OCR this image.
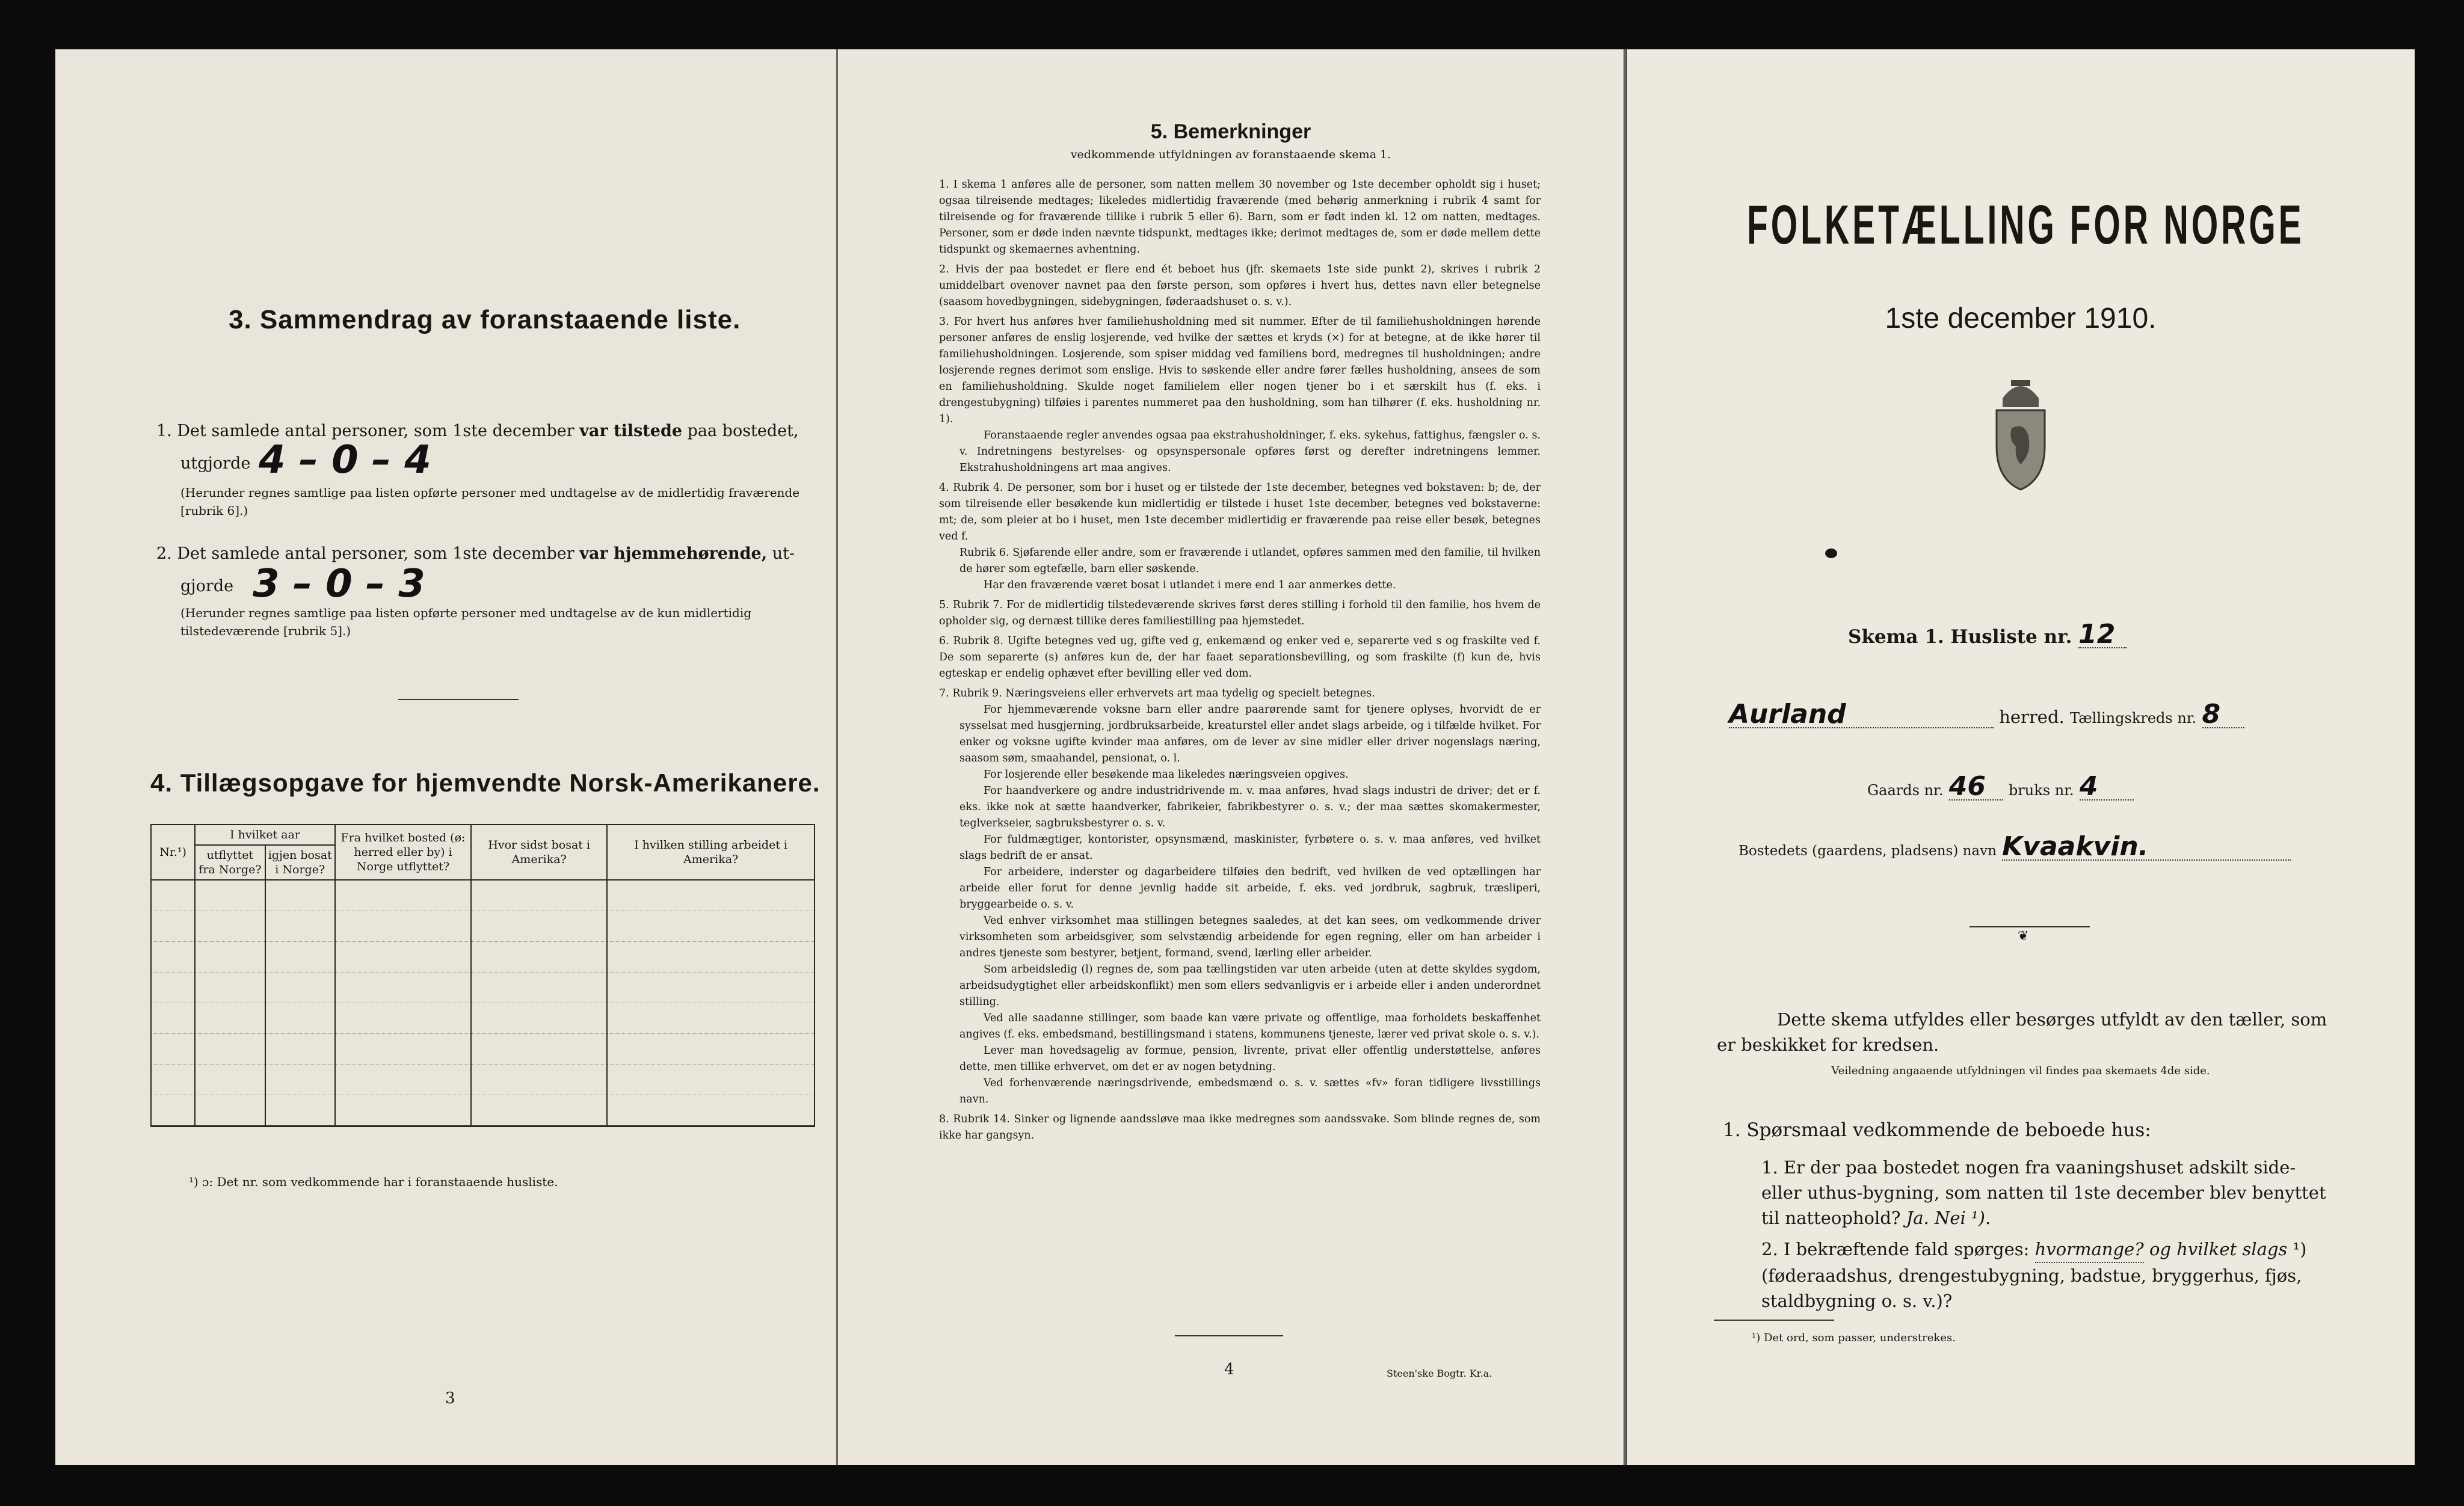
3. Sammendrag av foranstaaende liste.
1. Det samlede antal personer, som 1ste december var tilstede paa bostedet,
utgjorde 4 – 0 – 4
(Herunder regnes samtlige paa listen opførte personer med undtagelse av de midlertidig fraværende [rubrik 6].)
2. Det samlede antal personer, som 1ste december var hjemmehørende, ut-
gjorde 3 – 0 – 3
(Herunder regnes samtlige paa listen opførte personer med undtagelse av de kun midlertidig tilstedeværende [rubrik 5].)
4. Tillægsopgave for hjemvendte Norsk-Amerikanere.
Nr.¹)	I hvilket aar		Fra hvilket bosted (ø: herred eller by) i Norge utflyttet?	Hvor sidst bosat i Amerika?	I hvilken stilling arbeidet i Amerika?
	utflyttet fra Norge?	igjen bosat i Norge?			

¹) ɔ: Det nr. som vedkommende har i foranstaaende husliste.
3
5. Bemerkninger
vedkommende utfyldningen av foranstaaende skema 1.

1. I skema 1 anføres alle de personer, som natten mellem 30 november og 1ste december opholdt sig i huset; ogsaa tilreisende medtages; likeledes midlertidig fraværende (med behørig anmerkning i rubrik 4 samt for tilreisende og for fraværende tillike i rubrik 5 eller 6). Barn, som er født inden kl. 12 om natten, medtages. Personer, som er døde inden nævnte tidspunkt, medtages ikke; derimot medtages de, som er døde mellem dette tidspunkt og skemaernes avhentning.

2. Hvis der paa bostedet er flere end ét beboet hus (jfr. skemaets 1ste side punkt 2), skrives i rubrik 2 umiddelbart ovenover navnet paa den første person, som opføres i hvert hus, dettes navn eller betegnelse (saasom hovedbygningen, sidebygningen, føderaadshuset o. s. v.).

3. For hvert hus anføres hver familiehusholdning med sit nummer. Efter de til familiehusholdningen hørende personer anføres de enslig losjerende, ved hvilke der sættes et kryds (×) for at betegne, at de ikke hører til familiehusholdningen. Losjerende, som spiser middag ved familiens bord, medregnes til husholdningen; andre losjerende regnes derimot som enslige. Hvis to søskende eller andre fører fælles husholdning, ansees de som en familiehusholdning. Skulde noget familielem eller nogen tjener bo i et særskilt hus (f. eks. i drengestubygning) tilføies i parentes nummeret paa den husholdning, som han tilhører (f. eks. husholdning nr. 1).

Foranstaaende regler anvendes ogsaa paa ekstrahusholdninger, f. eks. sykehus, fattighus, fængsler o. s. v. Indretningens bestyrelses- og opsynspersonale opføres først og derefter indretningens lemmer. Ekstrahusholdningens art maa angives.

4. Rubrik 4. De personer, som bor i huset og er tilstede der 1ste december, betegnes ved bokstaven: b; de, der som tilreisende eller besøkende kun midlertidig er tilstede i huset 1ste december, betegnes ved bokstaverne: mt; de, som pleier at bo i huset, men 1ste december midlertidig er fraværende paa reise eller besøk, betegnes ved f.

Rubrik 6. Sjøfarende eller andre, som er fraværende i utlandet, opføres sammen med den familie, til hvilken de hører som egtefælle, barn eller søskende.

Har den fraværende været bosat i utlandet i mere end 1 aar anmerkes dette.

5. Rubrik 7. For de midlertidig tilstedeværende skrives først deres stilling i forhold til den familie, hos hvem de opholder sig, og dernæst tillike deres familiestilling paa hjemstedet.

6. Rubrik 8. Ugifte betegnes ved ug, gifte ved g, enkemænd og enker ved e, separerte ved s og fraskilte ved f. De som separerte (s) anføres kun de, der har faaet separationsbevilling, og som fraskilte (f) kun de, hvis egteskap er endelig ophævet efter bevilling eller ved dom.

7. Rubrik 9. Næringsveiens eller erhvervets art maa tydelig og specielt betegnes.

For hjemmeværende voksne barn eller andre paarørende samt for tjenere oplyses, hvorvidt de er sysselsat med husgjerning, jordbruksarbeide, kreaturstel eller andet slags arbeide, og i tilfælde hvilket. For enker og voksne ugifte kvinder maa anføres, om de lever av sine midler eller driver nogenslags næring, saasom søm, smaahandel, pensionat, o. l.

For losjerende eller besøkende maa likeledes næringsveien opgives.

For haandverkere og andre industridrivende m. v. maa anføres, hvad slags industri de driver; det er f. eks. ikke nok at sætte haandverker, fabrikeier, fabrikbestyrer o. s. v.; der maa sættes skomakermester, teglverkseier, sagbruksbestyrer o. s. v.

For fuldmægtiger, kontorister, opsynsmænd, maskinister, fyrbøtere o. s. v. maa anføres, ved hvilket slags bedrift de er ansat.

For arbeidere, inderster og dagarbeidere tilføies den bedrift, ved hvilken de ved optællingen har arbeide eller forut for denne jevnlig hadde sit arbeide, f. eks. ved jordbruk, sagbruk, træsliperi, bryggearbeide o. s. v.

Ved enhver virksomhet maa stillingen betegnes saaledes, at det kan sees, om vedkommende driver virksomheten som arbeidsgiver, som selvstændig arbeidende for egen regning, eller om han arbeider i andres tjeneste som bestyrer, betjent, formand, svend, lærling eller arbeider.

Som arbeidsledig (l) regnes de, som paa tællingstiden var uten arbeide (uten at dette skyldes sygdom, arbeidsudygtighet eller arbeidskonflikt) men som ellers sedvanligvis er i arbeide eller i anden underordnet stilling.

Ved alle saadanne stillinger, som baade kan være private og offentlige, maa forholdets beskaffenhet angives (f. eks. embedsmand, bestillingsmand i statens, kommunens tjeneste, lærer ved privat skole o. s. v.).

Lever man hovedsagelig av formue, pension, livrente, privat eller offentlig understøttelse, anføres dette, men tillike erhvervet, om det er av nogen betydning.

Ved forhenværende næringsdrivende, embedsmænd o. s. v. sættes «fv» foran tidligere livsstillings navn.

8. Rubrik 14. Sinker og lignende aandssløve maa ikke medregnes som aandssvake. Som blinde regnes de, som ikke har gangsyn.

4	Steen'ske Bogtr. Kr.a.
FOLKETÆLLING FOR NORGE
1ste december 1910.
Skema 1. Husliste nr. 12
Aurland	herred. Tællingskreds nr. 8
Gaards nr. 46 bruks nr. 4
Bostedets (gaardens, pladsens) navn Kvaakvin.
❦
Dette skema utfyldes eller besørges utfyldt av den tæller, som er beskikket for kredsen.
Veiledning angaaende utfyldningen vil findes paa skemaets 4de side.
1. Spørsmaal vedkommende de beboede hus:
1. Er der paa bostedet nogen fra vaaningshuset adskilt side- eller uthus-bygning, som natten til 1ste december blev benyttet til natteophold? Ja. Nei ¹).
2. I bekræftende fald spørges: hvormange? og hvilket slags ¹) (føderaadshus, drengestubygning, badstue, bryggerhus, fjøs, staldbygning o. s. v.)?
¹) Det ord, som passer, understrekes.
